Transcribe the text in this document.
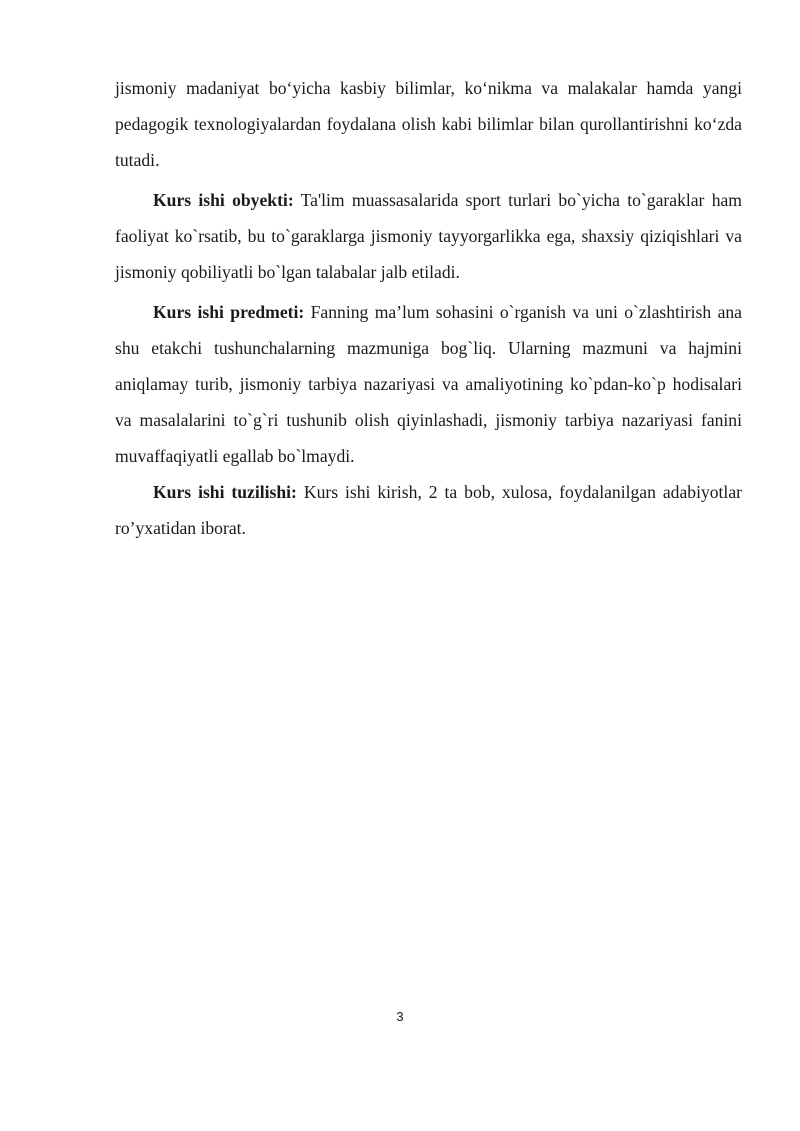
jismoniy madaniyat bo‘yicha kasbiy bilimlar, ko‘nikma va malakalar hamda yangi pedagogik texnologiyalardan foydalana olish kabi bilimlar bilan qurollantirishni ko‘zda tutadi.

Kurs ishi obyekti: Ta'lim muassasalarida sport turlari bo`yicha to`garaklar ham faoliyat ko`rsatib, bu to`garaklarga jismoniy tayyorgarlikka ega, shaxsiy qiziqishlari va jismoniy qobiliyatli bo`lgan talabalar jalb etiladi.

Kurs ishi predmeti: Fanning ma’lum sohasini o`rganish va uni o`zlashtirish ana shu etakchi tushunchalarning mazmuniga bog`liq. Ularning mazmuni va hajmini aniqlamay turib, jismoniy tarbiya nazariyasi va amaliyotining ko`pdan-ko`p hodisalari va masalalarini to`g`ri tushunib olish qiyinlashadi, jismoniy tarbiya nazariyasi fanini muvaffaqiyatli egallab bo`lmaydi.

Kurs ishi tuzilishi: Kurs ishi kirish, 2 ta bob, xulosa, foydalanilgan adabiyotlar ro’yxatidan iborat.

3
